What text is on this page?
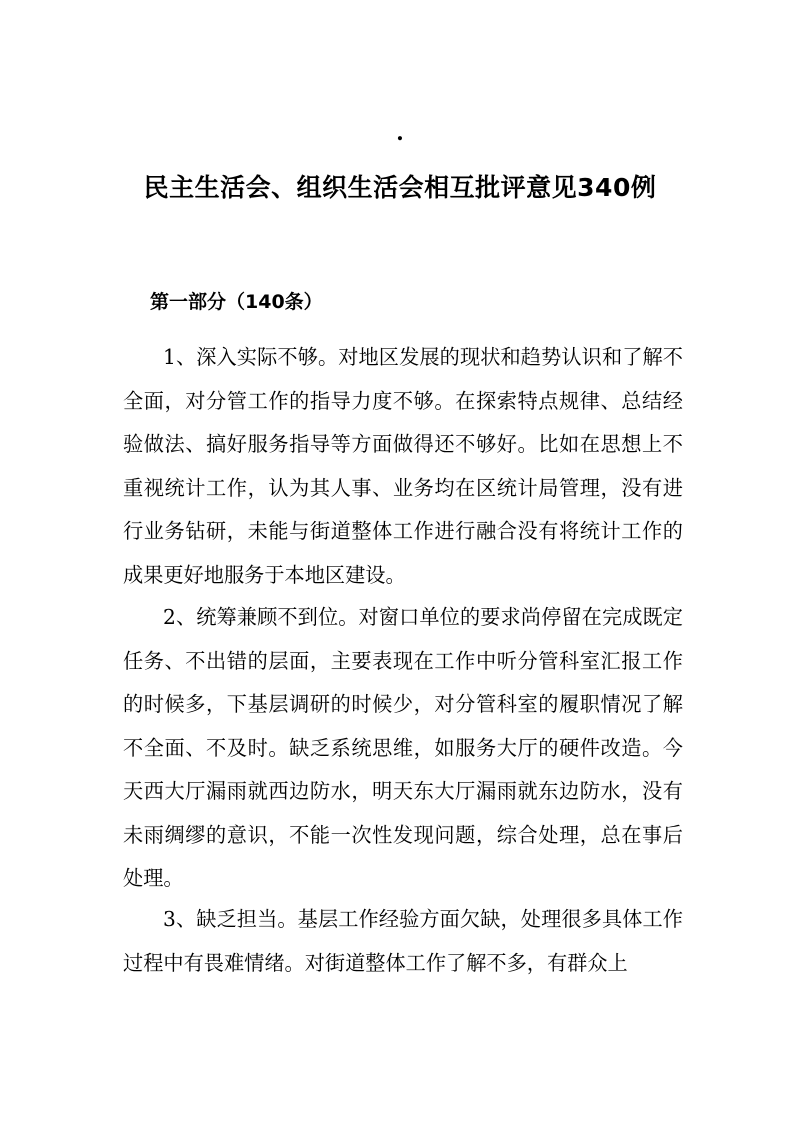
.
民主生活会、组织生活会相互批评意见340例
第一部分（140条）

1、深入实际不够。对地区发展的现状和趋势认识和了解不全面，对分管工作的指导力度不够。在探索特点规律、总结经验做法、搞好服务指导等方面做得还不够好。比如在思想上不重视统计工作，认为其人事、业务均在区统计局管理，没有进行业务钻研，未能与街道整体工作进行融合没有将统计工作的成果更好地服务于本地区建设。

2、统筹兼顾不到位。对窗口单位的要求尚停留在完成既定任务、不出错的层面，主要表现在工作中听分管科室汇报工作的时候多，下基层调研的时候少，对分管科室的履职情况了解不全面、不及时。缺乏系统思维，如服务大厅的硬件改造。今天西大厅漏雨就西边防水，明天东大厅漏雨就东边防水，没有未雨绸缪的意识，不能一次性发现问题，综合处理，总在事后处理。

3、缺乏担当。基层工作经验方面欠缺，处理很多具体工作过程中有畏难情绪。对街道整体工作了解不多，有群众上
